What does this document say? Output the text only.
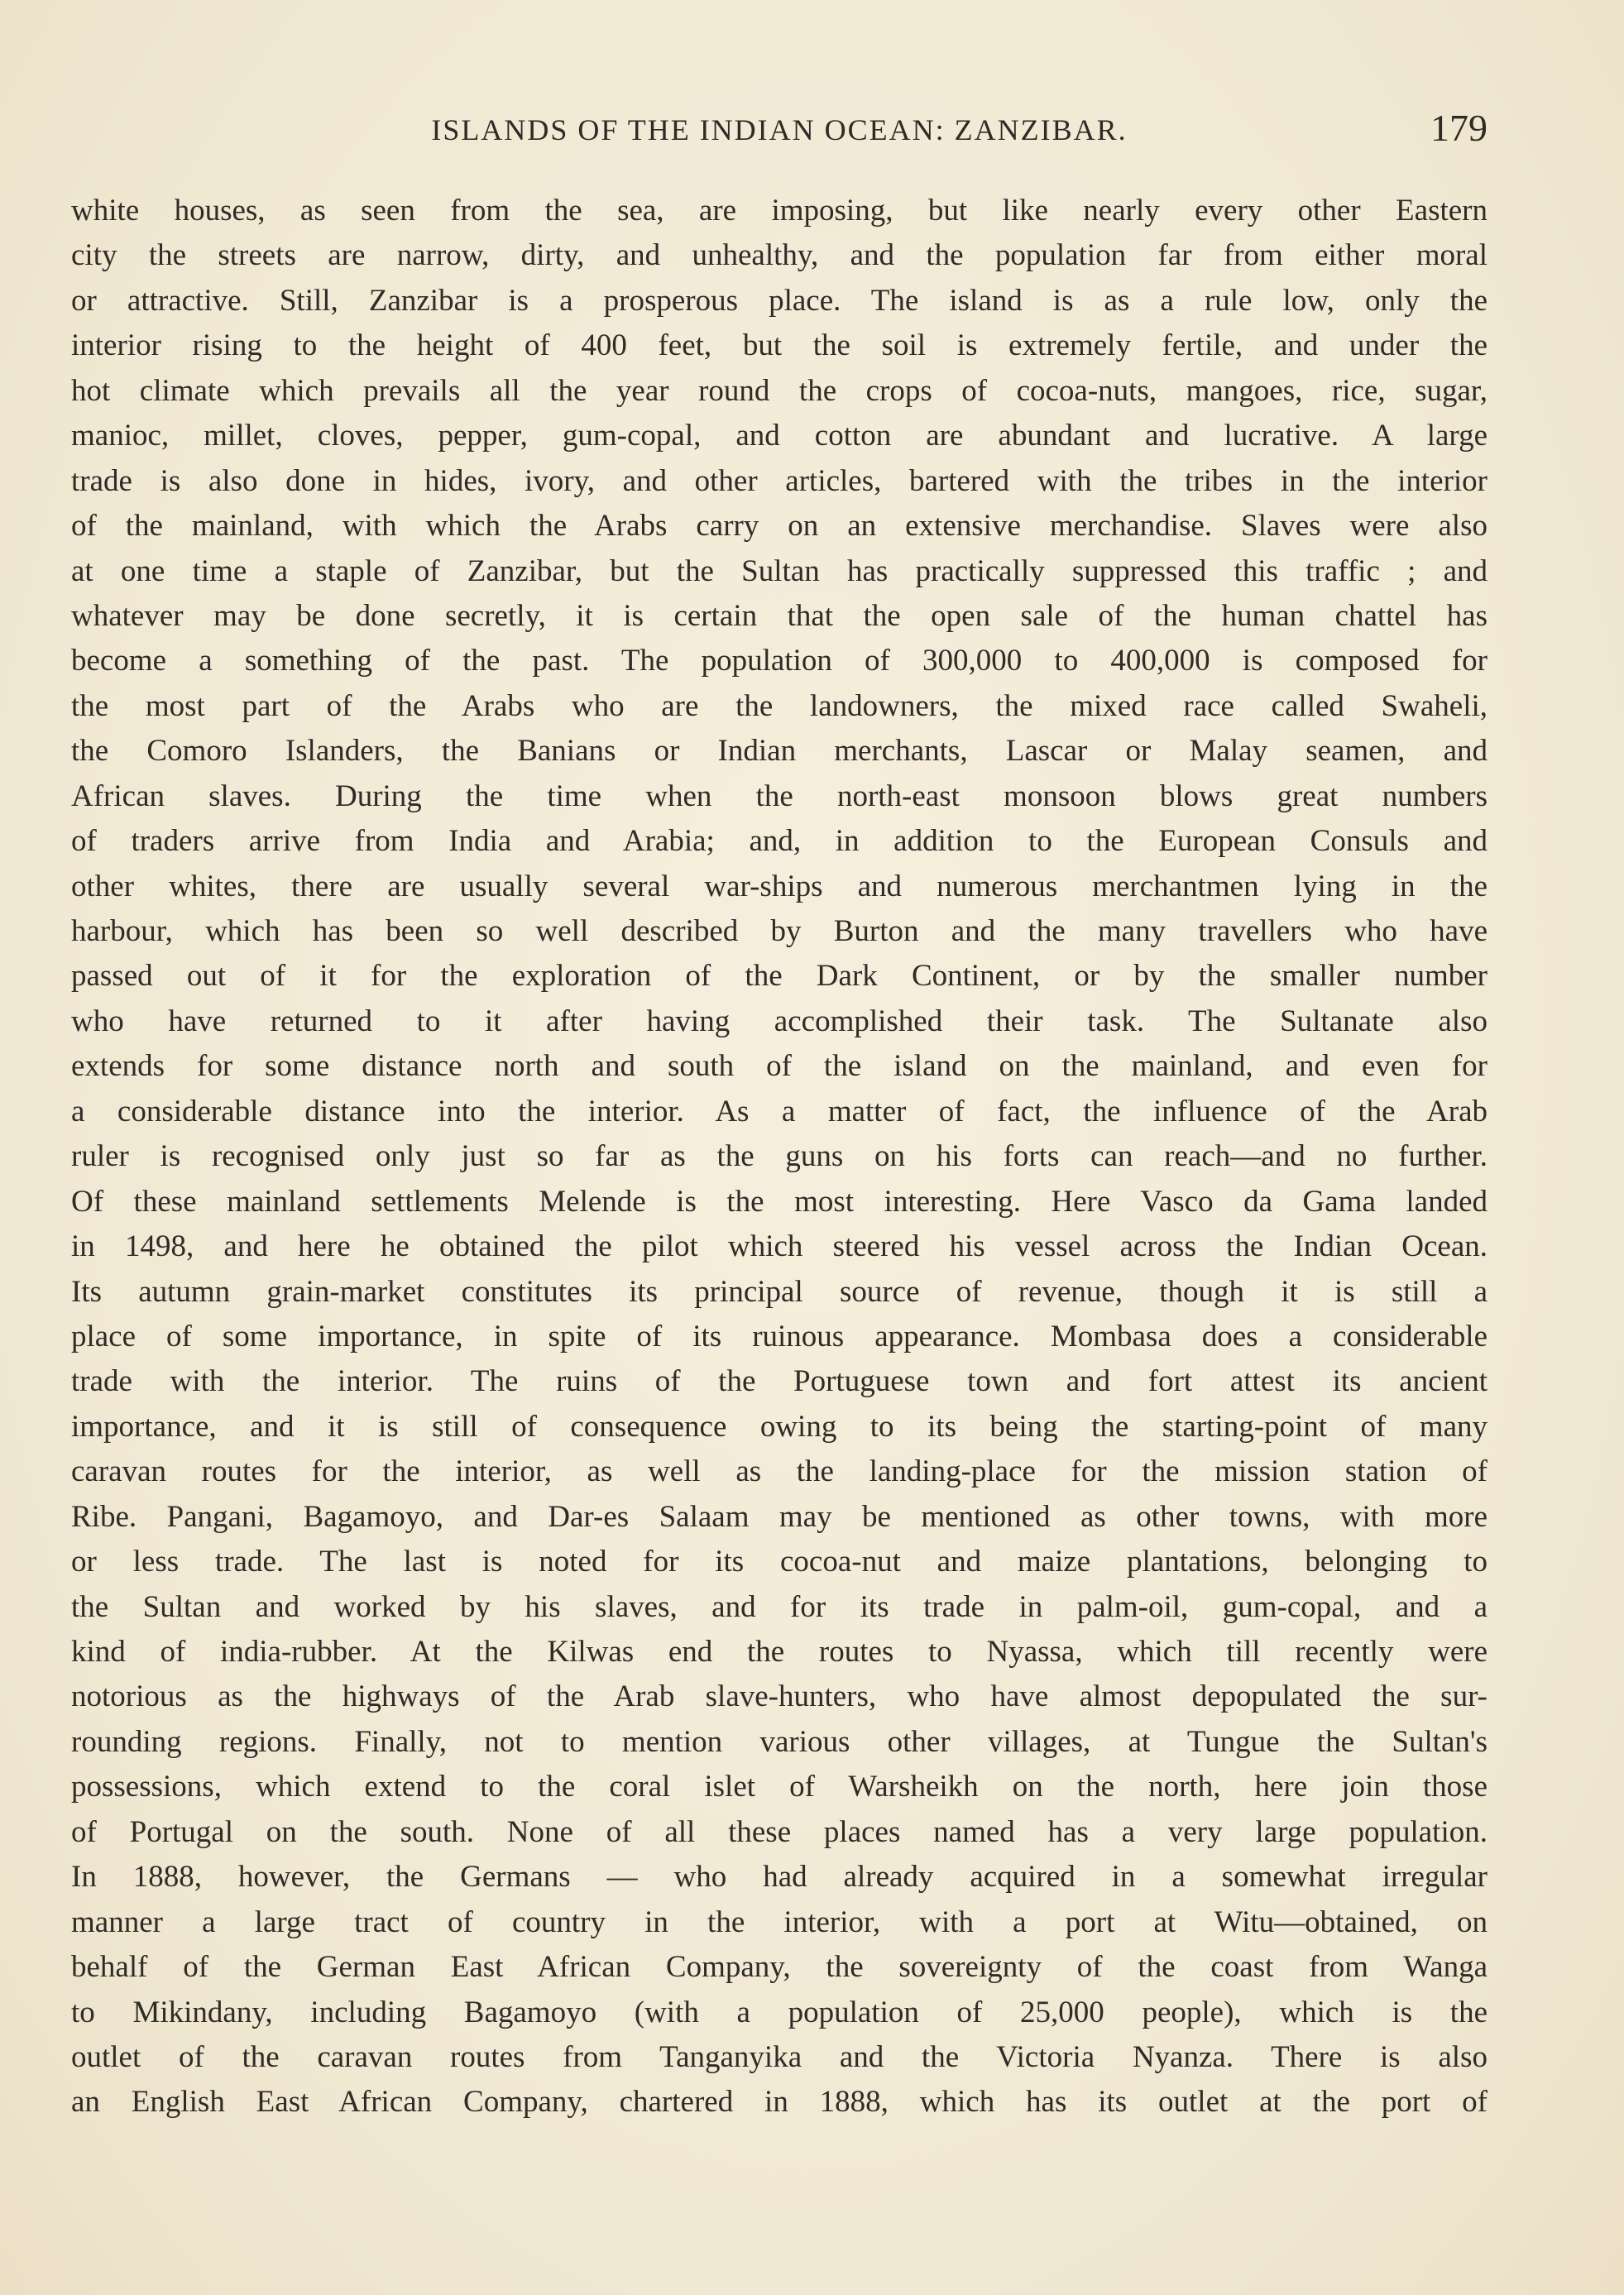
ISLANDS OF THE INDIAN OCEAN: ZANZIBAR.	179
white houses, as seen from the sea, are imposing, but like nearly every other Eastern
city the streets are narrow, dirty, and unhealthy, and the population far from either moral
or attractive. Still, Zanzibar is a prosperous place. The island is as a rule low, only the
interior rising to the height of 400 feet, but the soil is extremely fertile, and under the
hot climate which prevails all the year round the crops of cocoa-nuts, mangoes, rice, sugar,
manioc, millet, cloves, pepper, gum-copal, and cotton are abundant and lucrative. A large
trade is also done in hides, ivory, and other articles, bartered with the tribes in the interior
of the mainland, with which the Arabs carry on an extensive merchandise. Slaves were also
at one time a staple of Zanzibar, but the Sultan has practically suppressed this traffic ; and
whatever may be done secretly, it is certain that the open sale of the human chattel has
become a something of the past. The population of 300,000 to 400,000 is composed for
the most part of the Arabs who are the landowners, the mixed race called Swaheli,
the Comoro Islanders, the Banians or Indian merchants, Lascar or Malay seamen, and
African slaves. During the time when the north-east monsoon blows great numbers
of traders arrive from India and Arabia; and, in addition to the European Consuls and
other whites, there are usually several war-ships and numerous merchantmen lying in the
harbour, which has been so well described by Burton and the many travellers who have
passed out of it for the exploration of the Dark Continent, or by the smaller number
who have returned to it after having accomplished their task. The Sultanate also
extends for some distance north and south of the island on the mainland, and even for
a considerable distance into the interior. As a matter of fact, the influence of the Arab
ruler is recognised only just so far as the guns on his forts can reach—and no further.
Of these mainland settlements Melende is the most interesting. Here Vasco da Gama landed
in 1498, and here he obtained the pilot which steered his vessel across the Indian Ocean.
Its autumn grain-market constitutes its principal source of revenue, though it is still a
place of some importance, in spite of its ruinous appearance. Mombasa does a considerable
trade with the interior. The ruins of the Portuguese town and fort attest its ancient
importance, and it is still of consequence owing to its being the starting-point of many
caravan routes for the interior, as well as the landing-place for the mission station of
Ribe. Pangani, Bagamoyo, and Dar-es Salaam may be mentioned as other towns, with more
or less trade. The last is noted for its cocoa-nut and maize plantations, belonging to
the Sultan and worked by his slaves, and for its trade in palm-oil, gum-copal, and a
kind of india-rubber. At the Kilwas end the routes to Nyassa, which till recently were
notorious as the highways of the Arab slave-hunters, who have almost depopulated the sur-
rounding regions. Finally, not to mention various other villages, at Tungue the Sultan's
possessions, which extend to the coral islet of Warsheikh on the north, here join those
of Portugal on the south. None of all these places named has a very large population.
In 1888, however, the Germans — who had already acquired in a somewhat irregular
manner a large tract of country in the interior, with a port at Witu—obtained, on
behalf of the German East African Company, the sovereignty of the coast from Wanga
to Mikindany, including Bagamoyo (with a population of 25,000 people), which is the
outlet of the caravan routes from Tanganyika and the Victoria Nyanza. There is also
an English East African Company, chartered in 1888, which has its outlet at the port of
